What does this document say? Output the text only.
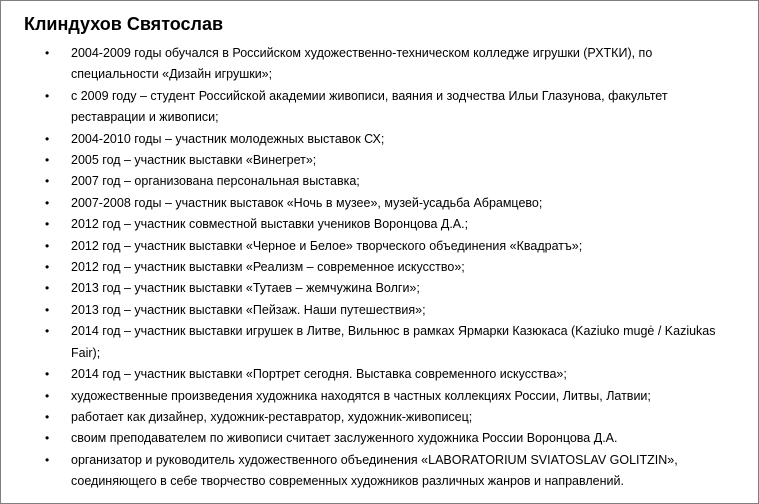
Клиндухов Святослав
•	2004-2009 годы обучался в Российском художественно-техническом колледже игрушки (РХТКИ), по специальности «Дизайн игрушки»;
•	с 2009 году – студент Российской академии живописи, ваяния и зодчества Ильи Глазунова, факультет реставрации и живописи;
•	2004-2010 годы – участник молодежных выставок СХ;
•	2005 год – участник выставки «Винегрет»;
•	2007 год – организована персональная выставка;
•	2007-2008 годы – участник выставок «Ночь в музее», музей-усадьба Абрамцево;
•	2012 год – участник совместной выставки учеников Воронцова Д.А.;
•	2012 год – участник выставки «Черное и Белое» творческого объединения «Квадратъ»;
•	2012 год – участник выставки «Реализм – современное искусство»;
•	2013 год – участник выставки «Тутаев – жемчужина Волги»;
•	2013 год – участник выставки «Пейзаж. Наши путешествия»;
•	2014 год – участник выставки игрушек в Литве, Вильнюс в рамках Ярмарки Казюкаса (Kaziuko mugė / Kaziukas Fair);
•	2014 год – участник выставки «Портрет сегодня. Выставка современного искусства»;
•	художественные произведения художника находятся в частных коллекциях России, Литвы, Латвии;
•	работает как дизайнер, художник-реставратор, художник-живописец;
•	своим преподавателем по живописи считает заслуженного художника России Воронцова Д.А.
•	организатор и руководитель художественного объединения «LABORATORIUM SVIATOSLAV GOLITZIN», соединяющего в себе творчество современных художников различных жанров и направлений.
